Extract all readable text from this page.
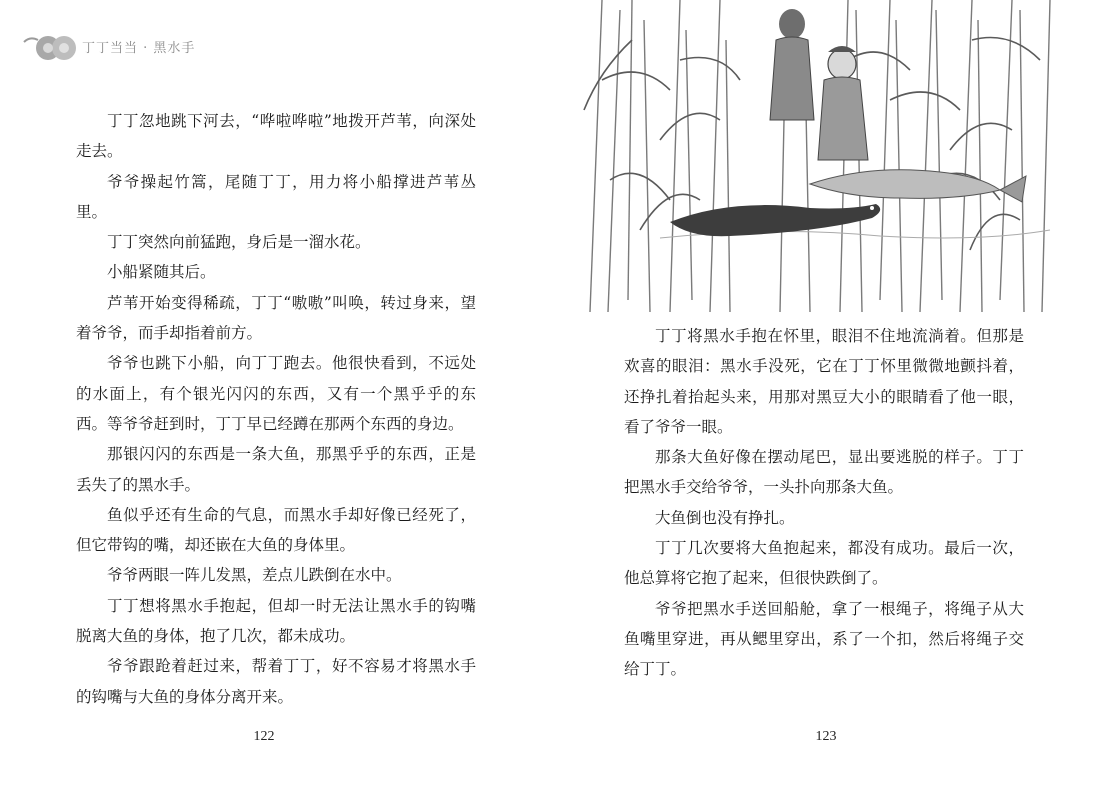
丁丁当当 · 黑水手

丁丁忽地跳下河去，“哗啦哗啦”地拨开芦苇，向深处走去。

爷爷操起竹篙，尾随丁丁，用力将小船撑进芦苇丛里。

丁丁突然向前猛跑，身后是一溜水花。

小船紧随其后。

芦苇开始变得稀疏，丁丁“嗷嗷”叫唤，转过身来，望着爷爷，而手却指着前方。

爷爷也跳下小船，向丁丁跑去。他很快看到，不远处的水面上，有个银光闪闪的东西，又有一个黑乎乎的东西。等爷爷赶到时，丁丁早已经蹲在那两个东西的身边。

那银闪闪的东西是一条大鱼，那黑乎乎的东西，正是丢失了的黑水手。

鱼似乎还有生命的气息，而黑水手却好像已经死了，但它带钩的嘴，却还嵌在大鱼的身体里。

爷爷两眼一阵儿发黑，差点儿跌倒在水中。

丁丁想将黑水手抱起，但却一时无法让黑水手的钩嘴脱离大鱼的身体，抱了几次，都未成功。

爷爷跟跄着赶过来，帮着丁丁，好不容易才将黑水手的钩嘴与大鱼的身体分离开来。

122

丁丁将黑水手抱在怀里，眼泪不住地流淌着。但那是欢喜的眼泪：黑水手没死，它在丁丁怀里微微地颤抖着，还挣扎着抬起头来，用那对黑豆大小的眼睛看了他一眼，看了爷爷一眼。

那条大鱼好像在摆动尾巴，显出要逃脱的样子。丁丁把黑水手交给爷爷，一头扑向那条大鱼。

大鱼倒也没有挣扎。

丁丁几次要将大鱼抱起来，都没有成功。最后一次，他总算将它抱了起来，但很快跌倒了。

爷爷把黑水手送回船舱，拿了一根绳子，将绳子从大鱼嘴里穿进，再从鳃里穿出，系了一个扣，然后将绳子交给丁丁。

123
